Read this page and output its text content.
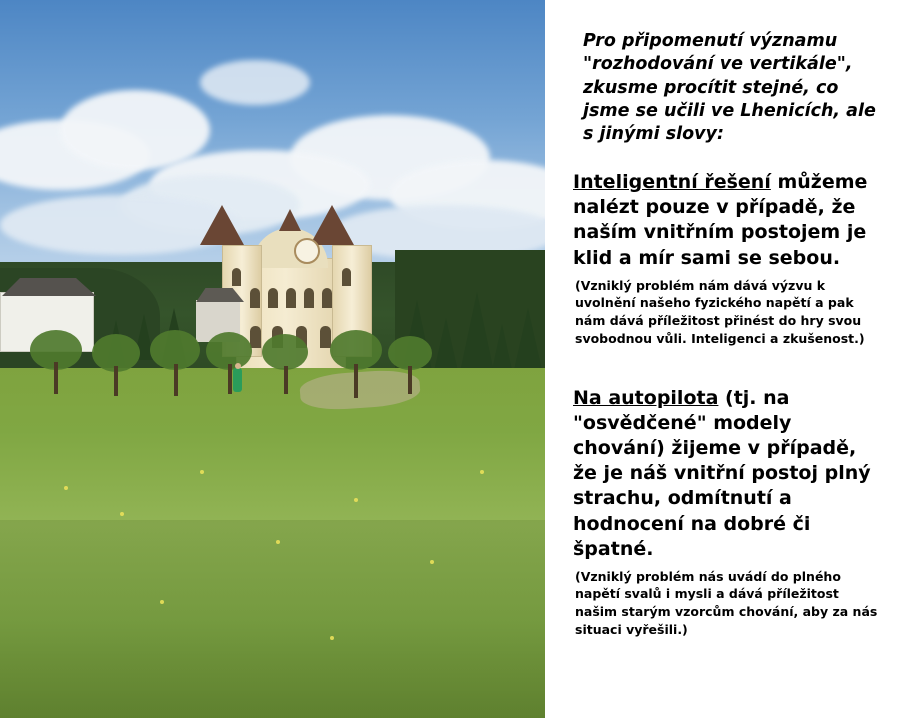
Pro připomenutí významu "rozhodování ve vertikále", zkusme procítit stejné, co jsme se učili ve Lhenicích, ale s jinými slovy:

Inteligentní řešení můžeme nalézt pouze v případě, že naším vnitřním postojem je klid a mír sami se sebou.

(Vzniklý problém nám dává výzvu k uvolnění našeho fyzického napětí a pak nám dává příležitost přinést do hry svou svobodnou vůli. Inteligenci a zkušenost.)

Na autopilota (tj. na "osvědčené" modely chování) žijeme v případě, že je náš vnitřní postoj plný strachu, odmítnutí a hodnocení na dobré či špatné.

(Vzniklý problém nás uvádí do plného napětí svalů i mysli a dává příležitost našim starým vzorcům chování, aby za nás situaci vyřešili.)
